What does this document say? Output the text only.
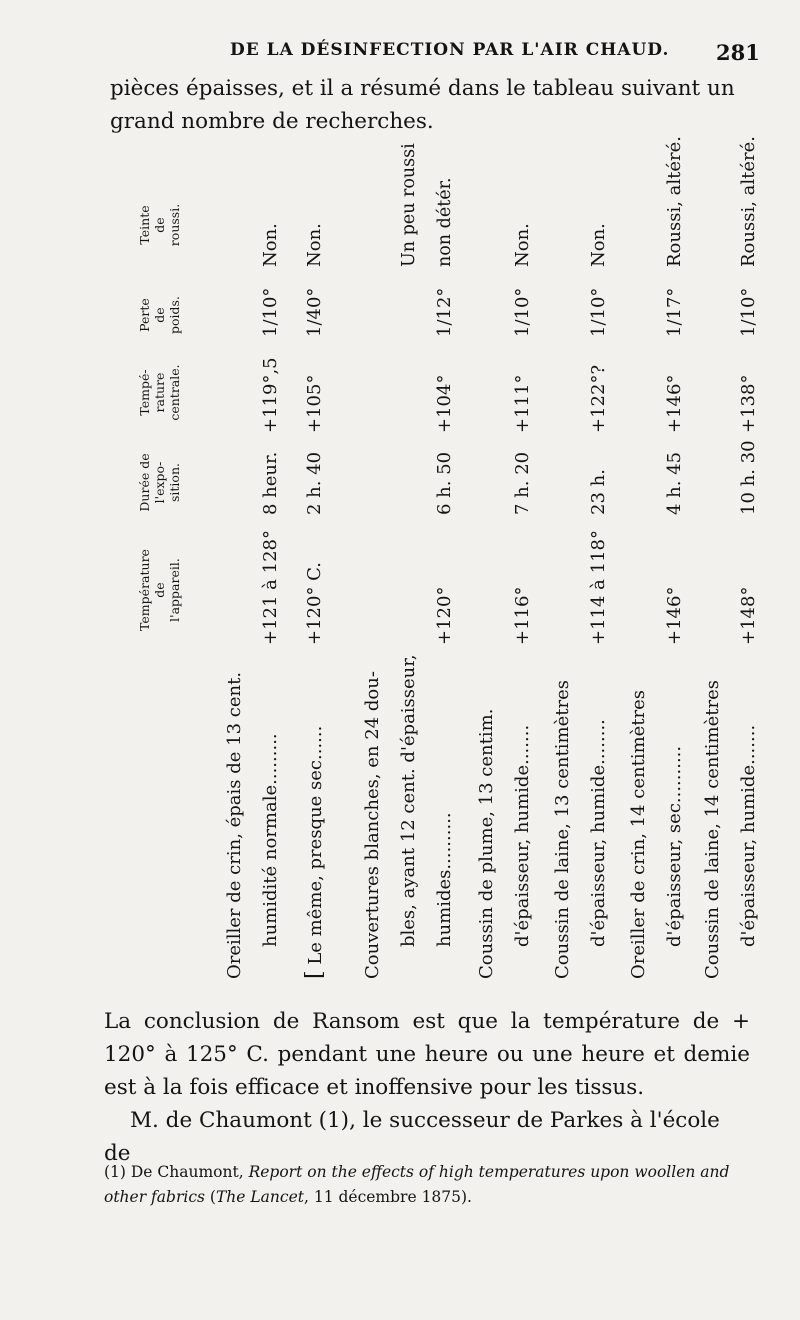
DE LA DÉSINFECTION PAR L'AIR CHAUD. 281

pièces épaisses, et il a résumé dans le tableau suivant un grand nombre de recherches.

Température de l'appareil.
Durée de l'expo- sition.
Tempé- rature centrale.
Perte de poids.
Teinte de roussi.
Oreiller de crin, épais de 13 cent. humidité normale.........
+121 à 128°
8 heur.
+119°,5
1/10°
Non.
[ Le même, presque sec......
+120° C.
2 h. 40
+105°
1/40°
Non.
Couvertures blanches, en 24 dou- bles, ayant 12 cent. d'épaisseur, humides..........
+120°
6 h. 50
+104°
1/12°
Un peu roussi non détér.
Coussin de plume, 13 centim. d'épaisseur, humide.......
+116°
7 h. 20
+111°
1/10°
Non.
Coussin de laine, 13 centimètres d'épaisseur, humide........
+114 à 118°
23 h.
+122°?
1/10°
Non.
Oreiller de crin, 14 centimètres d'épaisseur, sec..........
+146°
4 h. 45
+146°
1/17°
Roussi, altéré.
Coussin de laine, 14 centimètres d'épaisseur, humide.......
+148°
10 h. 30
+138°
1/10°
Roussi, altéré.

La conclusion de Ransom est que la température de + 120° à 125° C. pendant une heure ou une heure et demie est à la fois efficace et inoffensive pour les tissus.

M. de Chaumont (1), le successeur de Parkes à l'école de

(1) De Chaumont, Report on the effects of high temperatures upon woollen and other fabrics (The Lancet, 11 décembre 1875).
